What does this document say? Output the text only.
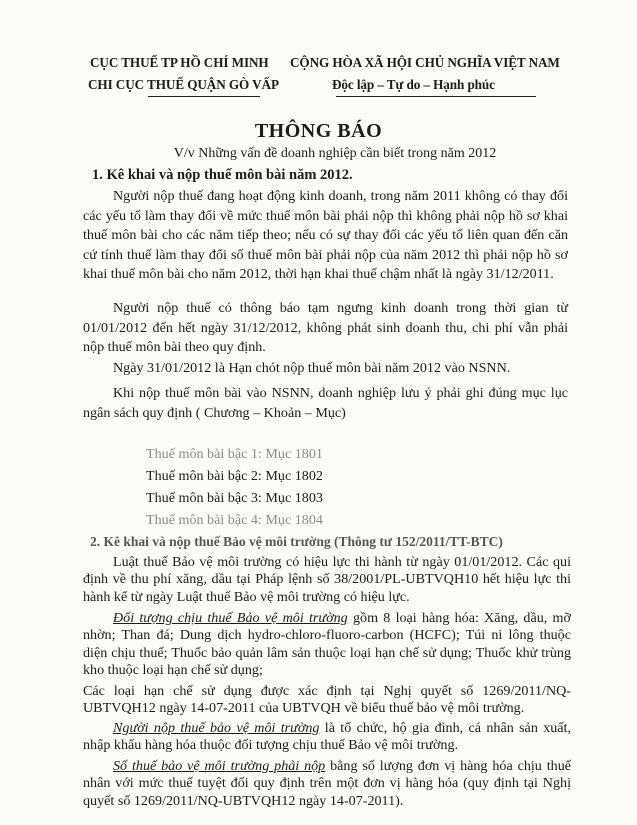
CỤC THUẾ TP HỒ CHÍ MINH
CHI CỤC THUẾ QUẬN GÒ VẤP
CỘNG HÒA XÃ HỘI CHỦ NGHĨA VIỆT NAM
Độc lập – Tự do – Hạnh phúc
THÔNG BÁO
V/v Những vấn đề doanh nghiệp cần biết trong năm 2012
1. Kê khai và nộp thuế môn bài năm 2012.
Người nộp thuế đang hoạt động kinh doanh, trong năm 2011 không có thay đổi các yếu tố làm thay đổi về mức thuế môn bài phải nộp thì không phải nộp hồ sơ khai thuế môn bài cho các năm tiếp theo; nếu có sự thay đổi các yếu tố liên quan đến căn cứ tính thuế làm thay đổi số thuế môn bài phải nộp của năm 2012 thì phải nộp hồ sơ khai thuế môn bài cho năm 2012, thời hạn khai thuế chậm nhất là ngày 31/12/2011.
Người nộp thuế có thông báo tạm ngưng kinh doanh trong thời gian từ 01/01/2012 đến hết ngày 31/12/2012, không phát sinh doanh thu, chi phí vẫn phải nộp thuế môn bài theo quy định.
Ngày 31/01/2012 là Hạn chót nộp thuế môn bài năm 2012 vào NSNN.
Khi nộp thuế môn bài vào NSNN, doanh nghiệp lưu ý phải ghi đúng mục lục ngân sách quy định ( Chương – Khoản – Mục)
Thuế môn bài bậc 1: Mục 1801
Thuế môn bài bậc 2: Mục 1802
Thuế môn bài bậc 3: Mục 1803
Thuế môn bài bậc 4: Mục 1804
2. Kê khai và nộp thuế Bảo vệ môi trường (Thông tư 152/2011/TT-BTC)
Luật thuế Bảo vệ môi trường có hiệu lực thi hành từ ngày 01/01/2012. Các qui định về thu phí xăng, dầu tại Pháp lệnh số 38/2001/PL-UBTVQH10 hết hiệu lực thi hành kể từ ngày Luật thuế Bảo vệ môi trường có hiệu lực.
Đối tượng chịu thuế Bảo vệ môi trường gồm 8 loại hàng hóa: Xăng, dầu, mỡ nhờn; Than đá; Dung dịch hydro-chloro-fluoro-carbon (HCFC); Túi ni lông thuộc diện chịu thuế; Thuốc bảo quản lâm sản thuộc loại hạn chế sử dụng; Thuốc khử trùng kho thuộc loại hạn chế sử dụng;
Các loại hạn chế sử dụng được xác định tại Nghị quyết số 1269/2011/NQ-UBTVQH12 ngày 14-07-2011 của UBTVQH về biểu thuế bảo vệ môi trường.
Người nộp thuế bảo vệ môi trường là tổ chức, hộ gia đình, cá nhân sản xuất, nhập khẩu hàng hóa thuộc đối tượng chịu thuế Bảo vệ môi trường.
Số thuế bảo vệ môi trường phải nộp bằng số lượng đơn vị hàng hóa chịu thuế nhân với mức thuế tuyệt đối quy định trên một đơn vị hàng hóa (quy định tại Nghị quyết số 1269/2011/NQ-UBTVQH12 ngày 14-07-2011).
